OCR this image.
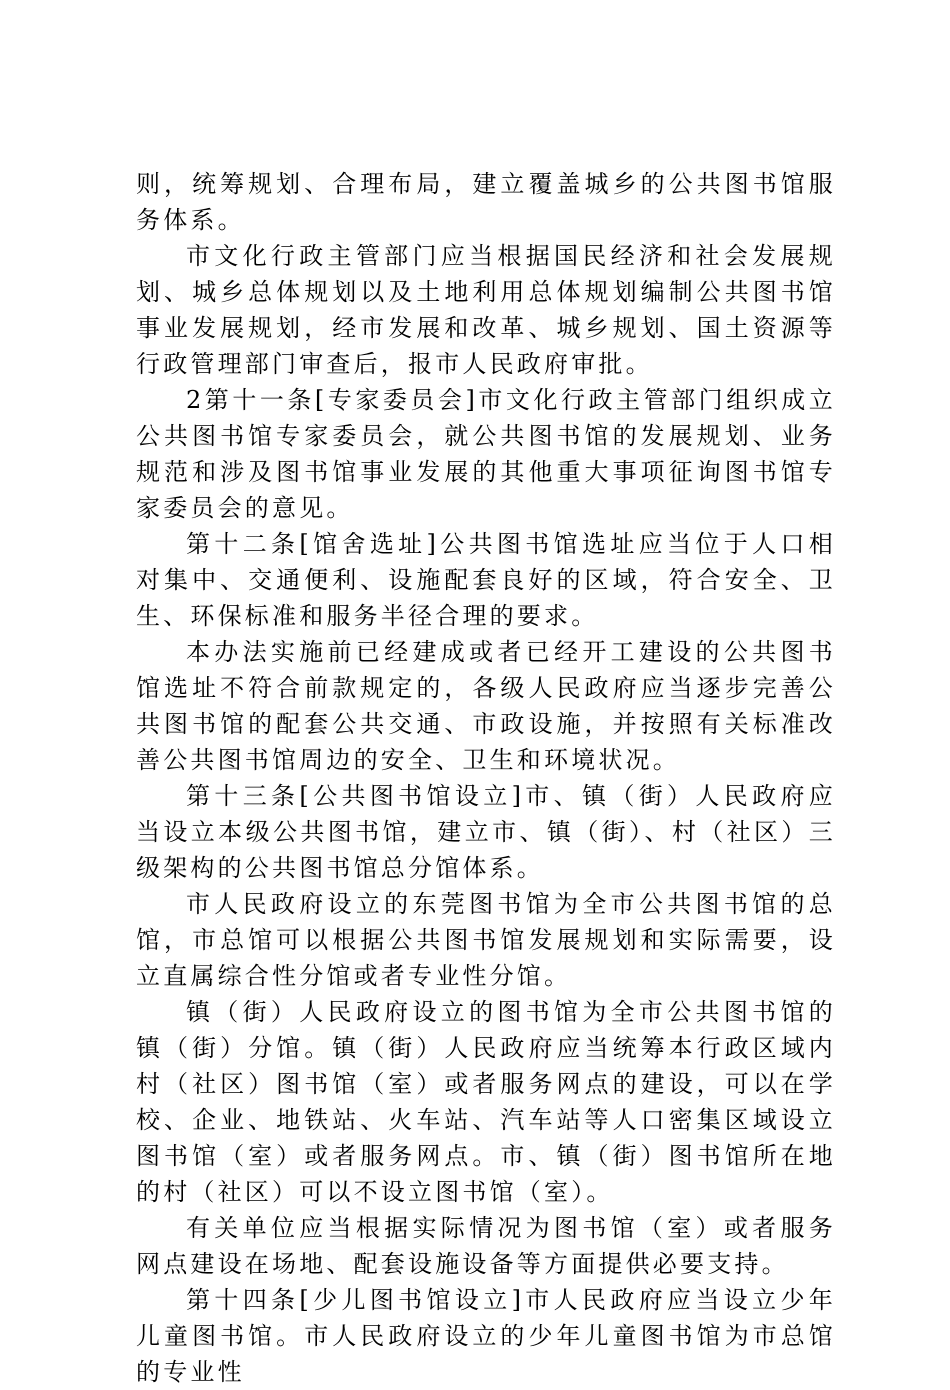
则，统筹规划、合理布局，建立覆盖城乡的公共图书馆服务体系。

市文化行政主管部门应当根据国民经济和社会发展规划、城乡总体规划以及土地利用总体规划编制公共图书馆事业发展规划，经市发展和改革、城乡规划、国土资源等行政管理部门审查后，报市人民政府审批。

2第十一条[专家委员会]市文化行政主管部门组织成立公共图书馆专家委员会，就公共图书馆的发展规划、业务规范和涉及图书馆事业发展的其他重大事项征询图书馆专家委员会的意见。

第十二条[馆舍选址]公共图书馆选址应当位于人口相对集中、交通便利、设施配套良好的区域，符合安全、卫生、环保标准和服务半径合理的要求。

本办法实施前已经建成或者已经开工建设的公共图书馆选址不符合前款规定的，各级人民政府应当逐步完善公共图书馆的配套公共交通、市政设施，并按照有关标准改善公共图书馆周边的安全、卫生和环境状况。

第十三条[公共图书馆设立]市、镇（街）人民政府应当设立本级公共图书馆，建立市、镇（街）、村（社区）三级架构的公共图书馆总分馆体系。

市人民政府设立的东莞图书馆为全市公共图书馆的总馆，市总馆可以根据公共图书馆发展规划和实际需要，设立直属综合性分馆或者专业性分馆。

镇（街）人民政府设立的图书馆为全市公共图书馆的镇（街）分馆。镇（街）人民政府应当统筹本行政区域内村（社区）图书馆（室）或者服务网点的建设，可以在学校、企业、地铁站、火车站、汽车站等人口密集区域设立图书馆（室）或者服务网点。市、镇（街）图书馆所在地的村（社区）可以不设立图书馆（室）。

有关单位应当根据实际情况为图书馆（室）或者服务网点建设在场地、配套设施设备等方面提供必要支持。

第十四条[少儿图书馆设立]市人民政府应当设立少年儿童图书馆。市人民政府设立的少年儿童图书馆为市总馆的专业性
